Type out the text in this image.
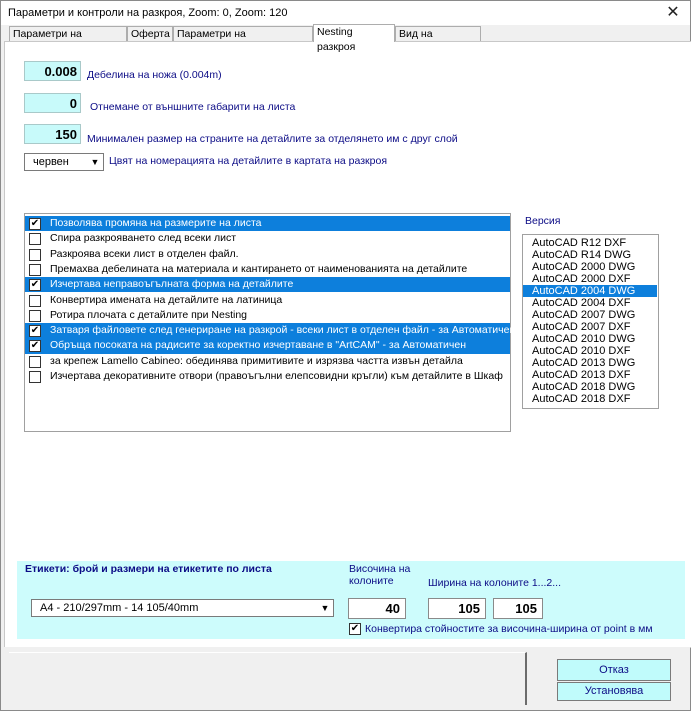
Параметри и контроли на разкроя, Zoom: 0, Zoom: 120	✕
Параметри на	Оферта Параметри на	Nesting разкроя
Вид на
0.008 Дебелина на ножа (0.004m)
0	Отнемане от външните габарити на листа
150 Минимален размер на страните на детайлите за отделянето им с друг слой
червен	▼ Цвят на номерацията на детайлите в картата на разкроя
✔ Позволява промяна на размерите на листа
Спира разкрояването след всеки лист
Разкроява всеки лист в отделен файл.
Премахва дебелината на материала и кантирането от наименованията на детайлите
✔ Изчертава неправоъгълната форма на детайлите
Конвертира имената на детайлите на латиница
Ротира плочата с детайлите при Nesting
✔ Затваря файловете след генериране на разкрой - всеки лист в отделен файл - за Автоматичен
✔ Обръща посоката на радисите за коректно изчертаване в "ArtCAM" - за Автоматичен
за крепеж Lamello Cabineo: обединява примитивите и изрязва частта извън детайла
Изчертава декоративните отвори (правоъгълни елепсовидни кръгли) към детайлите в Шкаф
Версия
AutoCAD R12 DXF
AutoCAD R14 DWG
AutoCAD 2000 DWG
AutoCAD 2000 DXF
AutoCAD 2004 DWG
AutoCAD 2004 DXF
AutoCAD 2007 DWG
AutoCAD 2007 DXF
AutoCAD 2010 DWG
AutoCAD 2010 DXF
AutoCAD 2013 DWG
AutoCAD 2013 DXF
AutoCAD 2018 DWG
AutoCAD 2018 DXF
Етикети: брой и размери на етикетите по листа	Височина на
колоните	Ширина на колоните 1...2...
A4 - 210/297mm - 14 105/40mm	▼	40	105	105
✔ Конвертира стойностите за височина-ширина от point в мм
Отказ
Установява
